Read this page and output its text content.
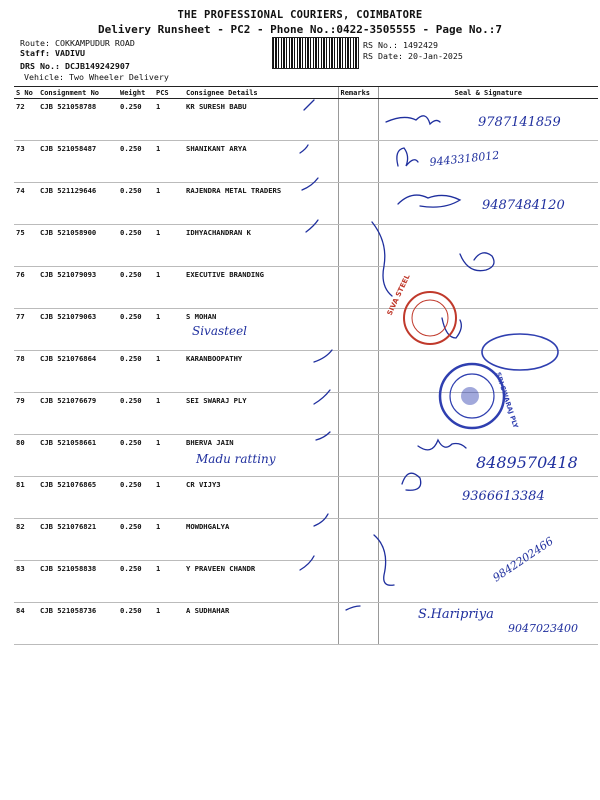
THE PROFESSIONAL COURIERS, COIMBATORE
Delivery Runsheet - PC2 - Phone No.:0422-3505555 - Page No.:7
Route: COKKAMPUDUR ROAD
Staff: VADIVU
DRS No.: DCJB149242907
Vehicle: Two Wheeler Delivery
RS No.: 1492429
RS Date: 20-Jan-2025
S No	Consignment No	Weight	PCS	Consignee Details	Remarks	Seal & Signature
72	CJB 521058788	0.250	1	KR SURESH BABU		
73	CJB 521058487	0.250	1	SHANIKANT ARYA		
74	CJB 521129646	0.250	1	RAJENDRA METAL TRADERS		
75	CJB 521058900	0.250	1	IDHYACHANDRAN K		
76	CJB 521079093	0.250	1	EXECUTIVE BRANDING		
77	CJB 521079063	0.250	1	S MOHAN		
78	CJB 521076864	0.250	1	KARANBOOPATHY		
79	CJB 521076679	0.250	1	SEI SWARAJ PLY		
80	CJB 521058661	0.250	1	BHERVA JAIN		
81	CJB 521076865	0.250	1	CR VIJY3		
82	CJB 521076821	0.250	1	MOWDHGALYA		
83	CJB 521058838	0.250	1	Y PRAVEEN CHANDR		
84	CJB 521058736	0.250	1	A SUDHAHAR		
SIVA STEEL
SRI SWARAJ PLY
9787141859
9443318012
9487484120
Sivasteel
Madu rattiny	8489570418
9366613384
9842202466
S.Haripriya
9047023400
